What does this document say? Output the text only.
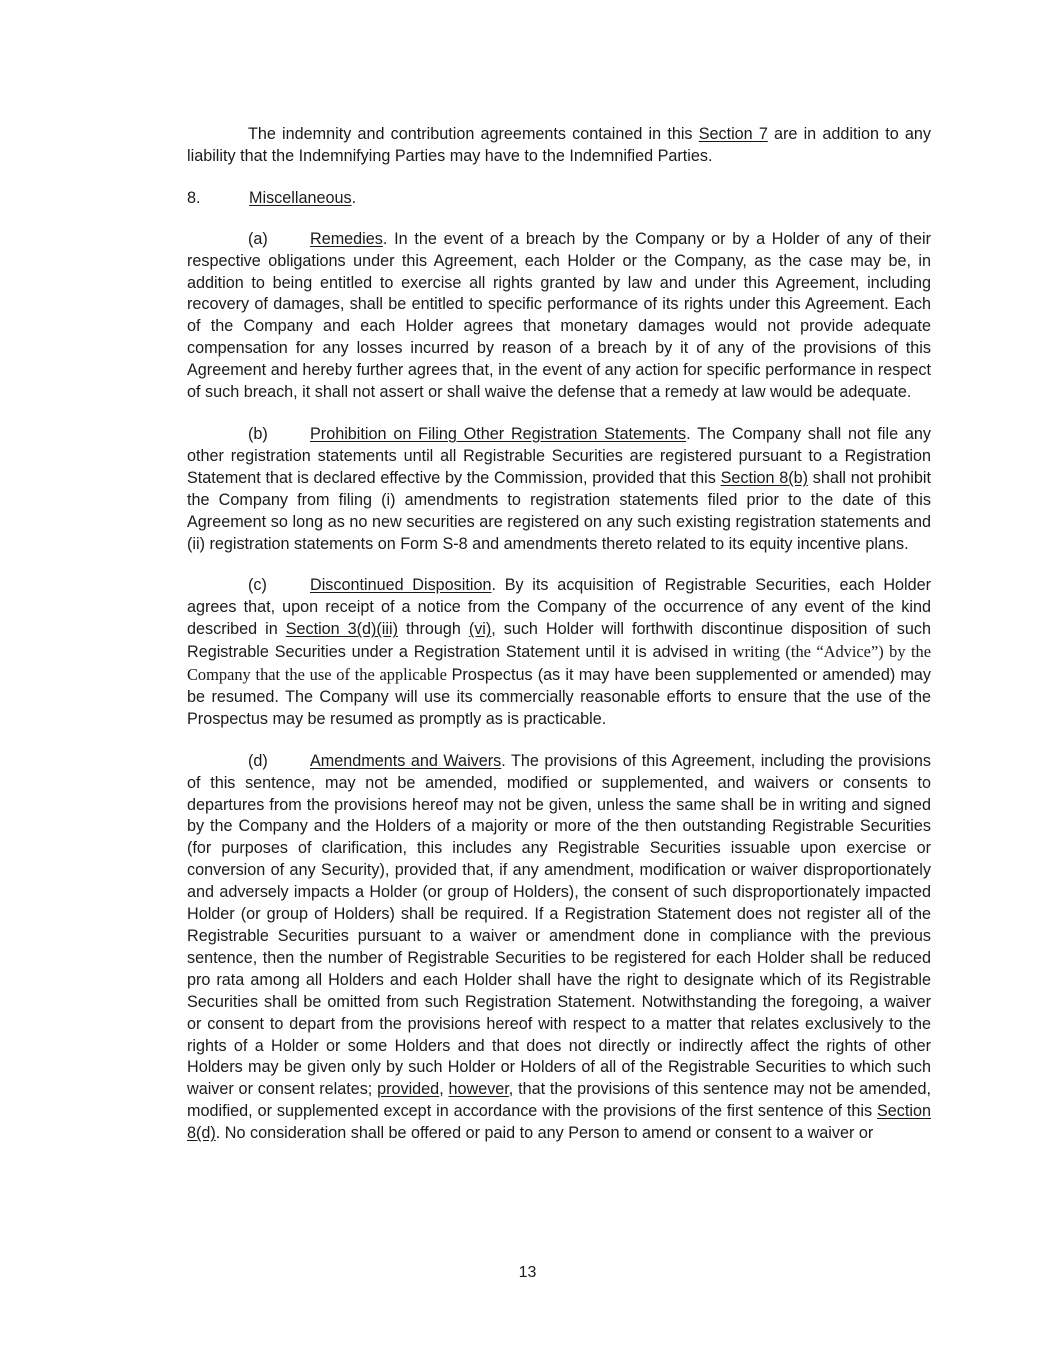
The indemnity and contribution agreements contained in this Section 7 are in addition to any liability that the Indemnifying Parties may have to the Indemnified Parties.

8.	Miscellaneous.

(a)	Remedies. In the event of a breach by the Company or by a Holder of any of their respective obligations under this Agreement, each Holder or the Company, as the case may be, in addition to being entitled to exercise all rights granted by law and under this Agreement, including recovery of damages, shall be entitled to specific performance of its rights under this Agreement. Each of the Company and each Holder agrees that monetary damages would not provide adequate compensation for any losses incurred by reason of a breach by it of any of the provisions of this Agreement and hereby further agrees that, in the event of any action for specific performance in respect of such breach, it shall not assert or shall waive the defense that a remedy at law would be adequate.

(b)	Prohibition on Filing Other Registration Statements. The Company shall not file any other registration statements until all Registrable Securities are registered pursuant to a Registration Statement that is declared effective by the Commission, provided that this Section 8(b) shall not prohibit the Company from filing (i) amendments to registration statements filed prior to the date of this Agreement so long as no new securities are registered on any such existing registration statements and (ii) registration statements on Form S-8 and amendments thereto related to its equity incentive plans.

(c)	Discontinued Disposition. By its acquisition of Registrable Securities, each Holder agrees that, upon receipt of a notice from the Company of the occurrence of any event of the kind described in Section 3(d)(iii) through (vi), such Holder will forthwith discontinue disposition of such Registrable Securities under a Registration Statement until it is advised in writing (the “Advice”) by the Company that the use of the applicable Prospectus (as it may have been supplemented or amended) may be resumed. The Company will use its commercially reasonable efforts to ensure that the use of the Prospectus may be resumed as promptly as is practicable.

(d)	Amendments and Waivers. The provisions of this Agreement, including the provisions of this sentence, may not be amended, modified or supplemented, and waivers or consents to departures from the provisions hereof may not be given, unless the same shall be in writing and signed by the Company and the Holders of a majority or more of the then outstanding Registrable Securities (for purposes of clarification, this includes any Registrable Securities issuable upon exercise or conversion of any Security), provided that, if any amendment, modification or waiver disproportionately and adversely impacts a Holder (or group of Holders), the consent of such disproportionately impacted Holder (or group of Holders) shall be required. If a Registration Statement does not register all of the Registrable Securities pursuant to a waiver or amendment done in compliance with the previous sentence, then the number of Registrable Securities to be registered for each Holder shall be reduced pro rata among all Holders and each Holder shall have the right to designate which of its Registrable Securities shall be omitted from such Registration Statement. Notwithstanding the foregoing, a waiver or consent to depart from the provisions hereof with respect to a matter that relates exclusively to the rights of a Holder or some Holders and that does not directly or indirectly affect the rights of other Holders may be given only by such Holder or Holders of all of the Registrable Securities to which such waiver or consent relates; provided, however, that the provisions of this sentence may not be amended, modified, or supplemented except in accordance with the provisions of the first sentence of this Section 8(d). No consideration shall be offered or paid to any Person to amend or consent to a waiver or

13
